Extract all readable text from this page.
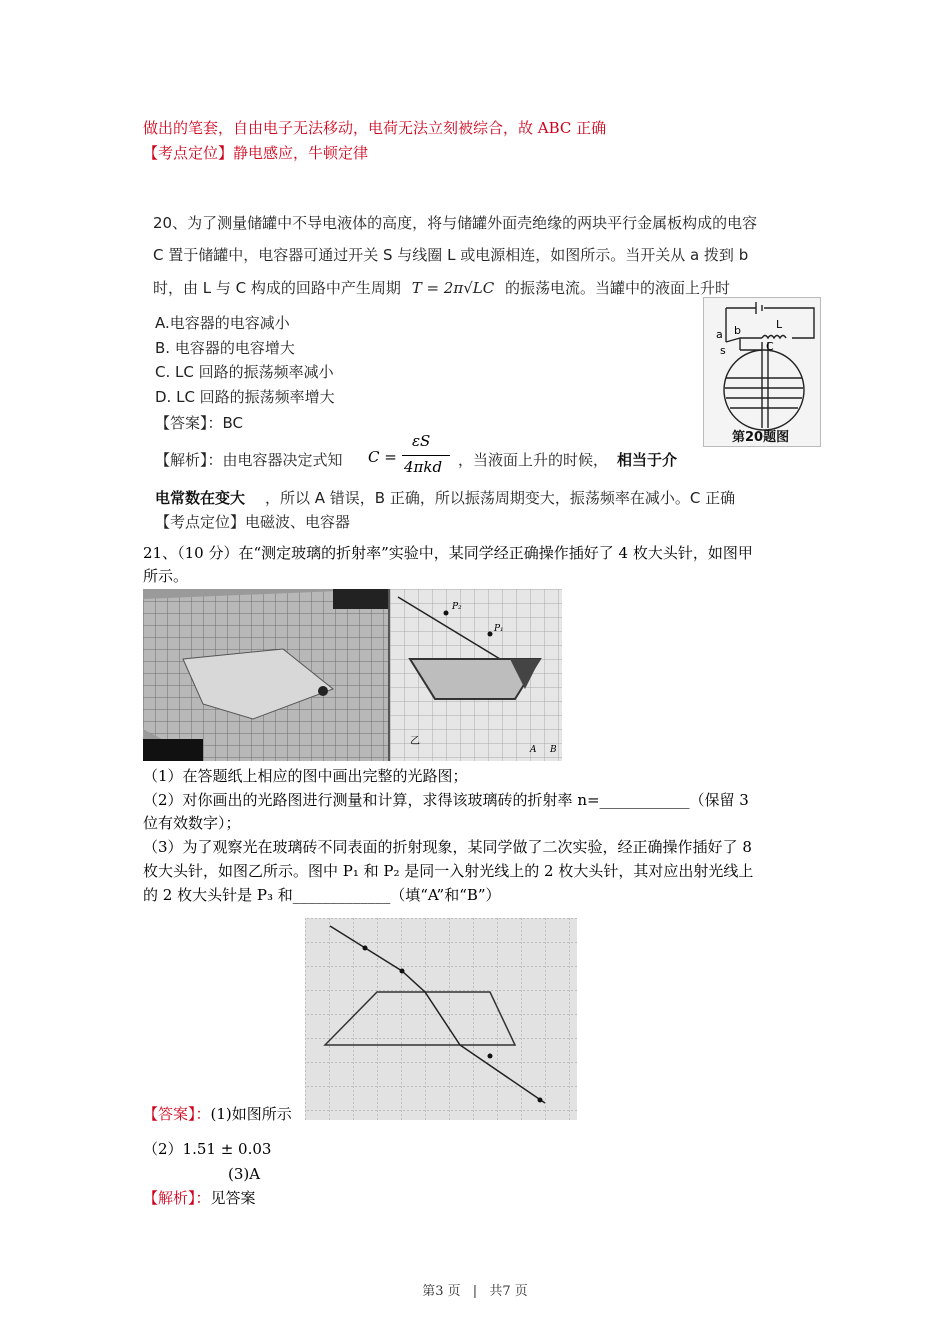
做出的笔套，自由电子无法移动，电荷无法立刻被综合，故 ABC 正确
【考点定位】静电感应，牛顿定律
20、为了测量储罐中不导电液体的高度，将与储罐外面壳绝缘的两块平行金属板构成的电容
C 置于储罐中，电容器可通过开关 S 与线圈 L 或电源相连，如图所示。当开关从 a 拨到 b
时，由 L 与 C 构成的回路中产生周期 T = 2π√LC 的振荡电流。当罐中的液面上升时
A.电容器的电容减小
B. 电容器的电容增大
C. LC 回路的振荡频率减小
D. LC 回路的振荡频率增大
【答案】：BC
【解析】：由电容器决定式知 C =
εS
4πkd ，当液面上升的时候， 相当于介
电常数在变大 ，所以 A 错误，B 正确，所以振荡周期变大，振荡频率在减小。C 正确
【考点定位】电磁波、电容器
a b
s
L
C
第20题图
21、（10 分）在“测定玻璃的折射率”实验中，某同学经正确操作插好了 4 枚大头针，如图甲
所示。
P₂
P₁
乙
A B
（1）在答题纸上相应的图中画出完整的光路图；
（2）对你画出的光路图进行测量和计算，求得该玻璃砖的折射率 n=____________（保留 3
位有效数字）；
（3）为了观察光在玻璃砖不同表面的折射现象，某同学做了二次实验，经正确操作插好了 8
枚大头针，如图乙所示。图中 P₁ 和 P₂ 是同一入射光线上的 2 枚大头针，其对应出射光线上
的 2 枚大头针是 P₃ 和_____________（填“A”和“B”）
【答案】：(1)如图所示
（2）1.51 ± 0.03
(3)A
【解析】：见答案
第3 页 | 共7 页
